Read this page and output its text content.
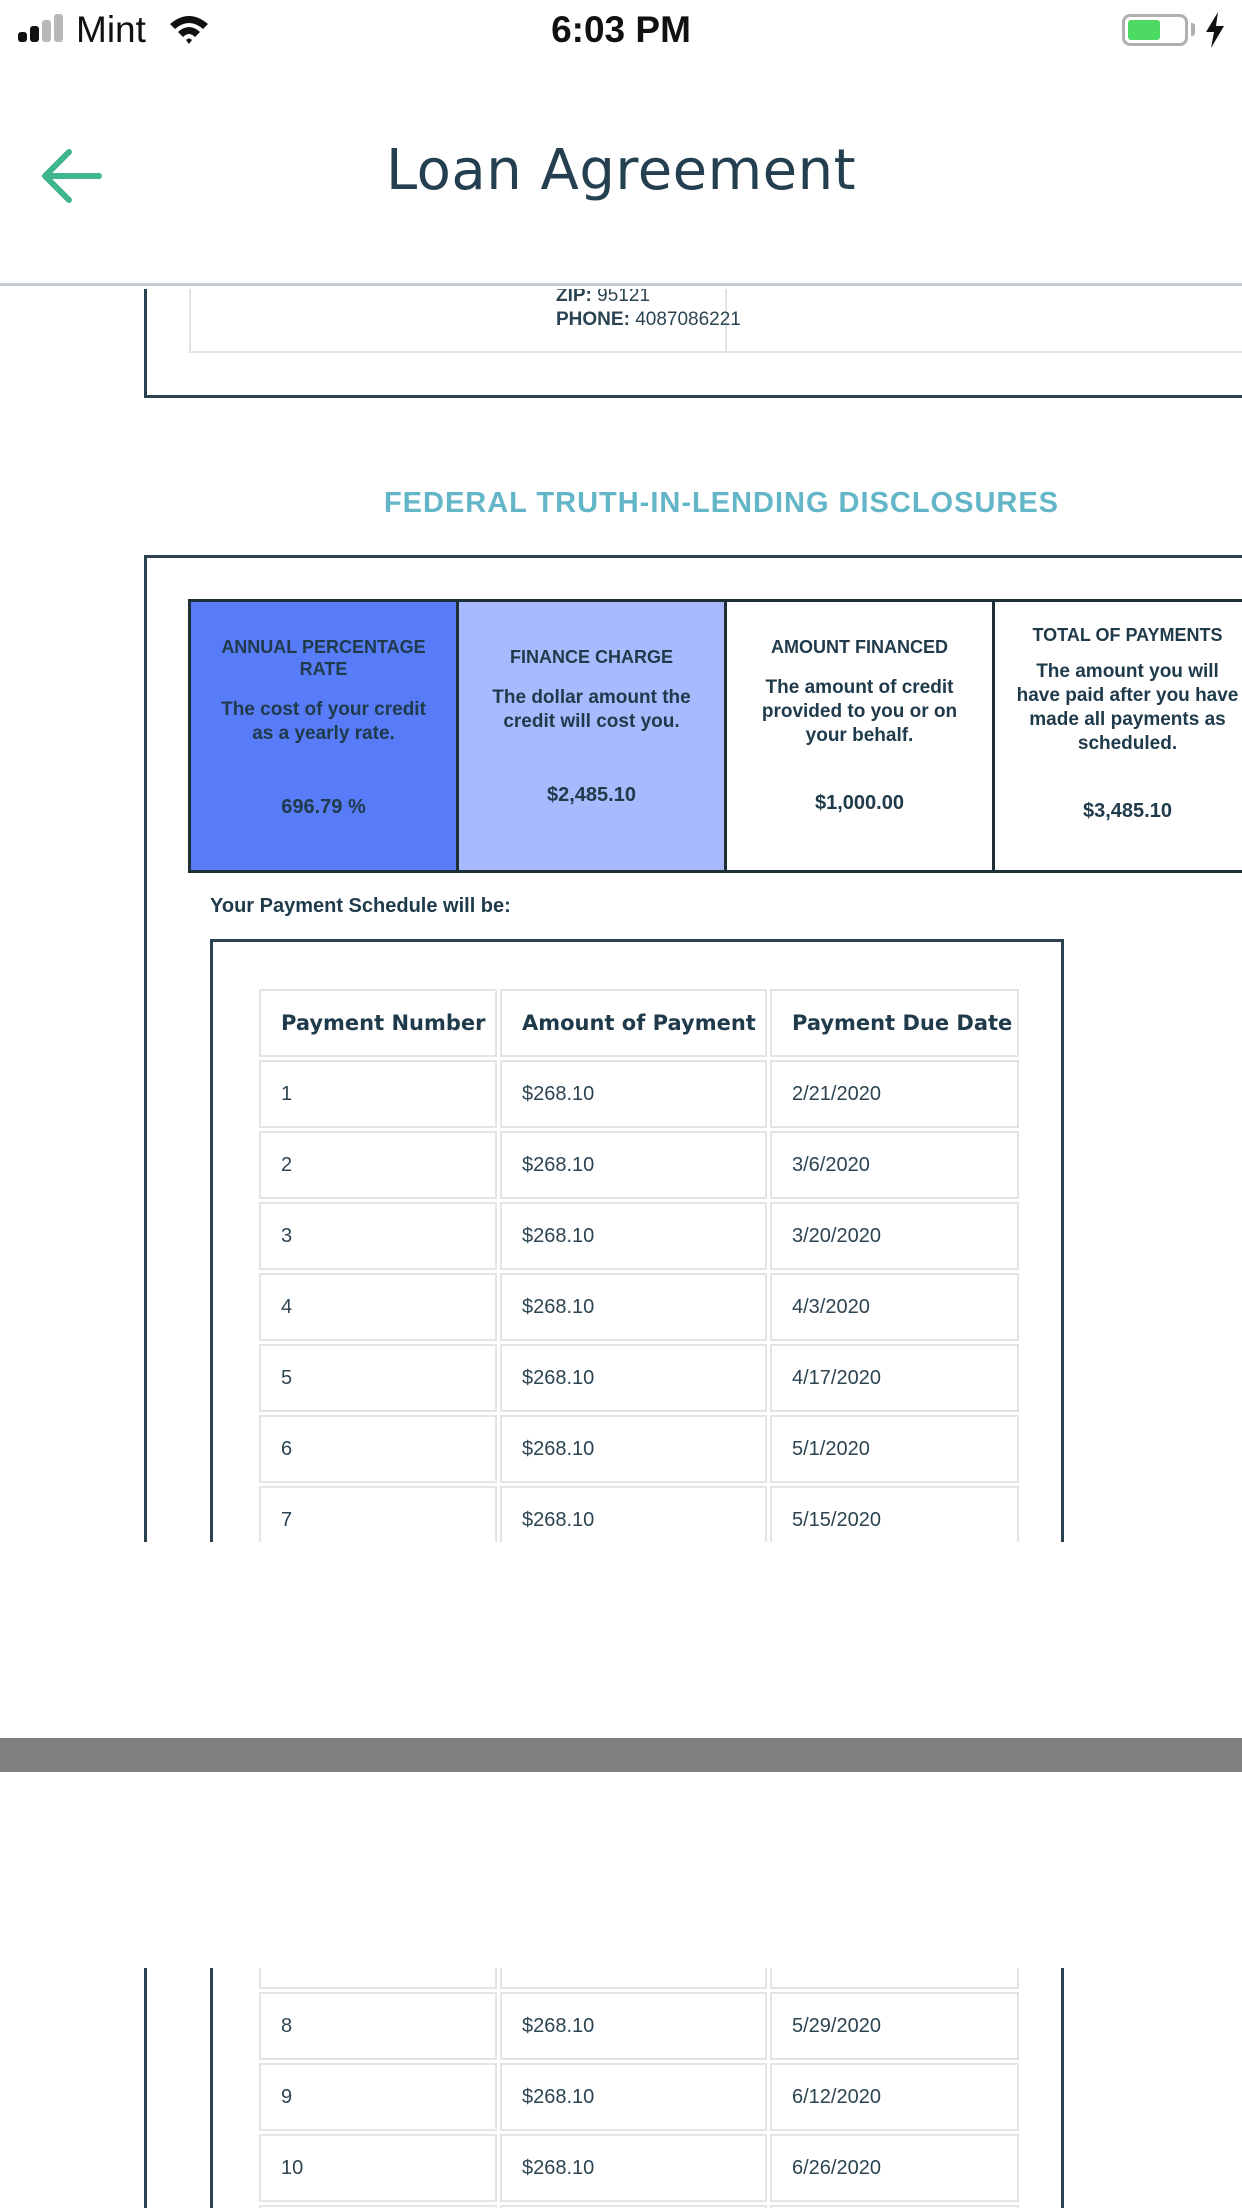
Mint	6:03 PM
Loan Agreement
ZIP: 95121
PHONE: 4087086221
FEDERAL TRUTH-IN-LENDING DISCLOSURES
ANNUAL PERCENTAGE RATE
The cost of your credit as a yearly rate.
696.79 %
FINANCE CHARGE
The dollar amount the credit will cost you.
$2,485.10
AMOUNT FINANCED
The amount of credit provided to you or on your behalf.
$1,000.00
TOTAL OF PAYMENTS
The amount you will have paid after you have made all payments as scheduled.
$3,485.10
Your Payment Schedule will be:
Payment Number	Amount of Payment	Payment Due Date
1	$268.10	2/21/2020
2	$268.10	3/6/2020
3	$268.10	3/20/2020
4	$268.10	4/3/2020
5	$268.10	4/17/2020
6	$268.10	5/1/2020
7	$268.10	5/15/2020

8	$268.10	5/29/2020
9	$268.10	6/12/2020
10	$268.10	6/26/2020
